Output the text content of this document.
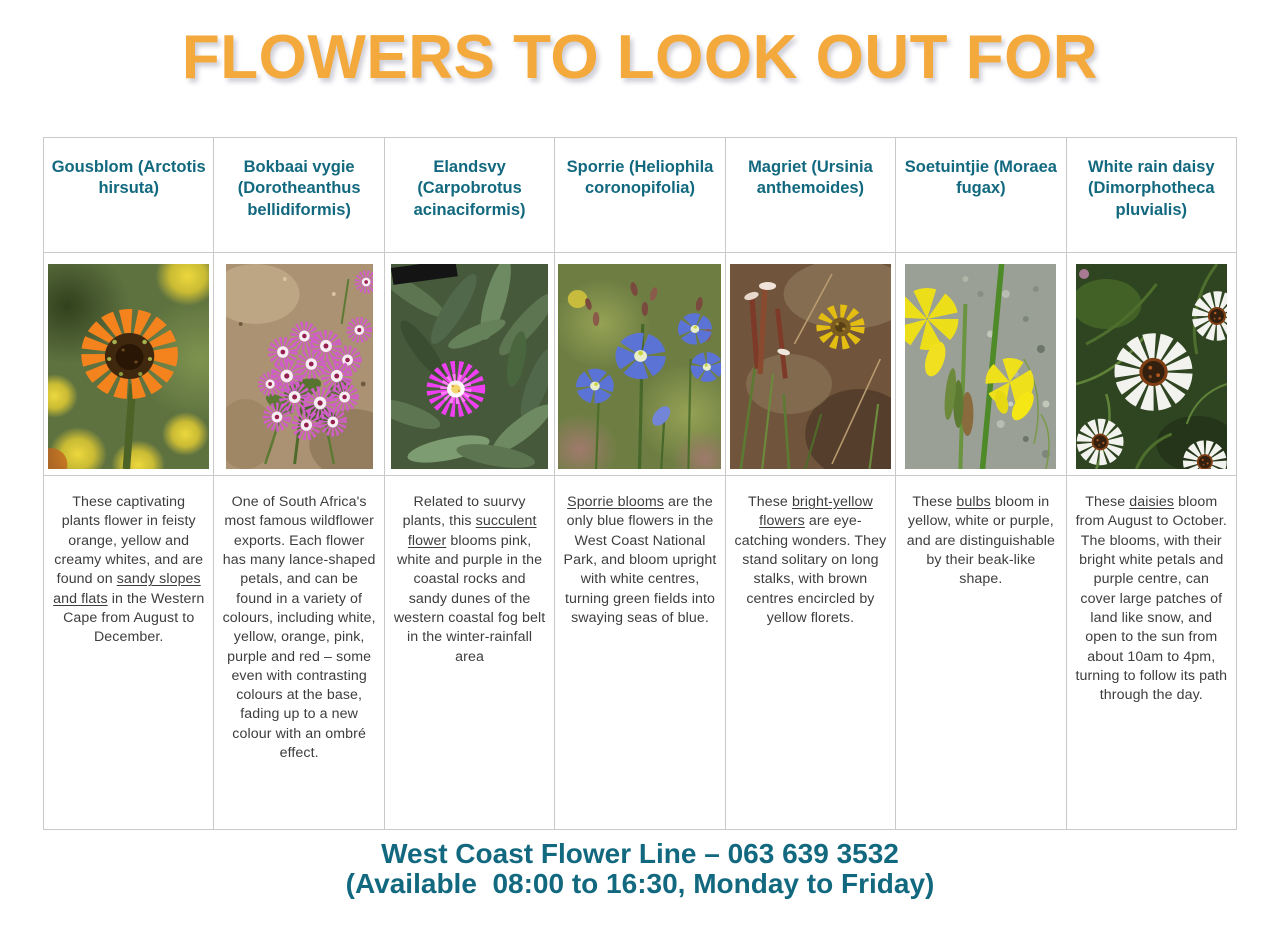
FLOWERS TO LOOK OUT FOR
Gousblom (Arctotis hirsuta)
Bokbaai vygie (Dorotheanthus bellidiformis)
Elandsvy (Carpobrotus acinaciformis)
Sporrie (Heliophila coronopifolia)
Magriet (Ursinia anthemoides)
Soetuintjie (Moraea fugax)
White rain daisy (Dimorphotheca pluvialis)
These captivating plants flower in feisty orange, yellow and creamy whites, and are found on sandy slopes and flats in the Western Cape from August to December.
One of South Africa's most famous wildflower exports. Each flower has many lance-shaped petals, and can be found in a variety of colours, including white, yellow, orange, pink, purple and red – some even with contrasting colours at the base, fading up to a new colour with an ombré effect.
Related to suurvy plants, this succulent flower blooms pink, white and purple in the coastal rocks and sandy dunes of the western coastal fog belt in the winter-rainfall area
Sporrie blooms are the only blue flowers in the West Coast National Park, and bloom upright with white centres, turning green fields into swaying seas of blue.
These bright-yellow flowers are eye-catching wonders. They stand solitary on long stalks, with brown centres encircled by yellow florets.
These bulbs bloom in yellow, white or purple, and are distinguishable by their beak-like shape.
These daisies bloom from August to October. The blooms, with their bright white petals and purple centre, can cover large patches of land like snow, and open to the sun from about 10am to 4pm, turning to follow its path through the day.
West Coast Flower Line – 063 639 3532
(Available  08:00 to 16:30, Monday to Friday)
